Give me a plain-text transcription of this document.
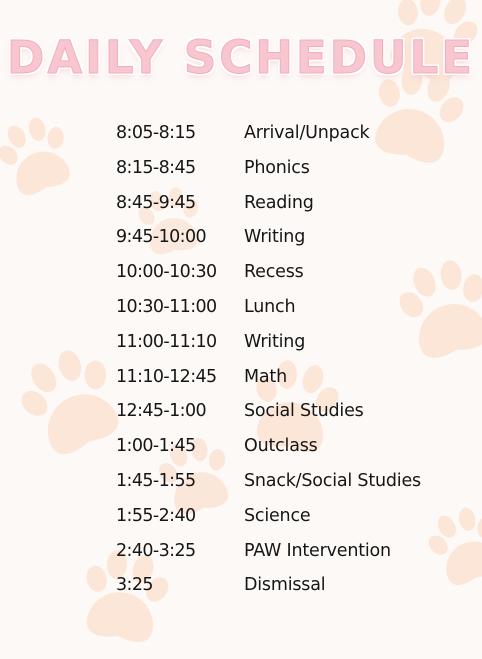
DAILY SCHEDULE
8:05-8:15	Arrival/Unpack
8:15-8:45	Phonics
8:45-9:45	Reading
9:45-10:00	Writing
10:00-10:30	Recess
10:30-11:00	Lunch
11:00-11:10	Writing
11:10-12:45	Math
12:45-1:00	Social Studies
1:00-1:45	Outclass
1:45-1:55	Snack/Social Studies
1:55-2:40	Science
2:40-3:25	PAW Intervention
3:25	Dismissal
